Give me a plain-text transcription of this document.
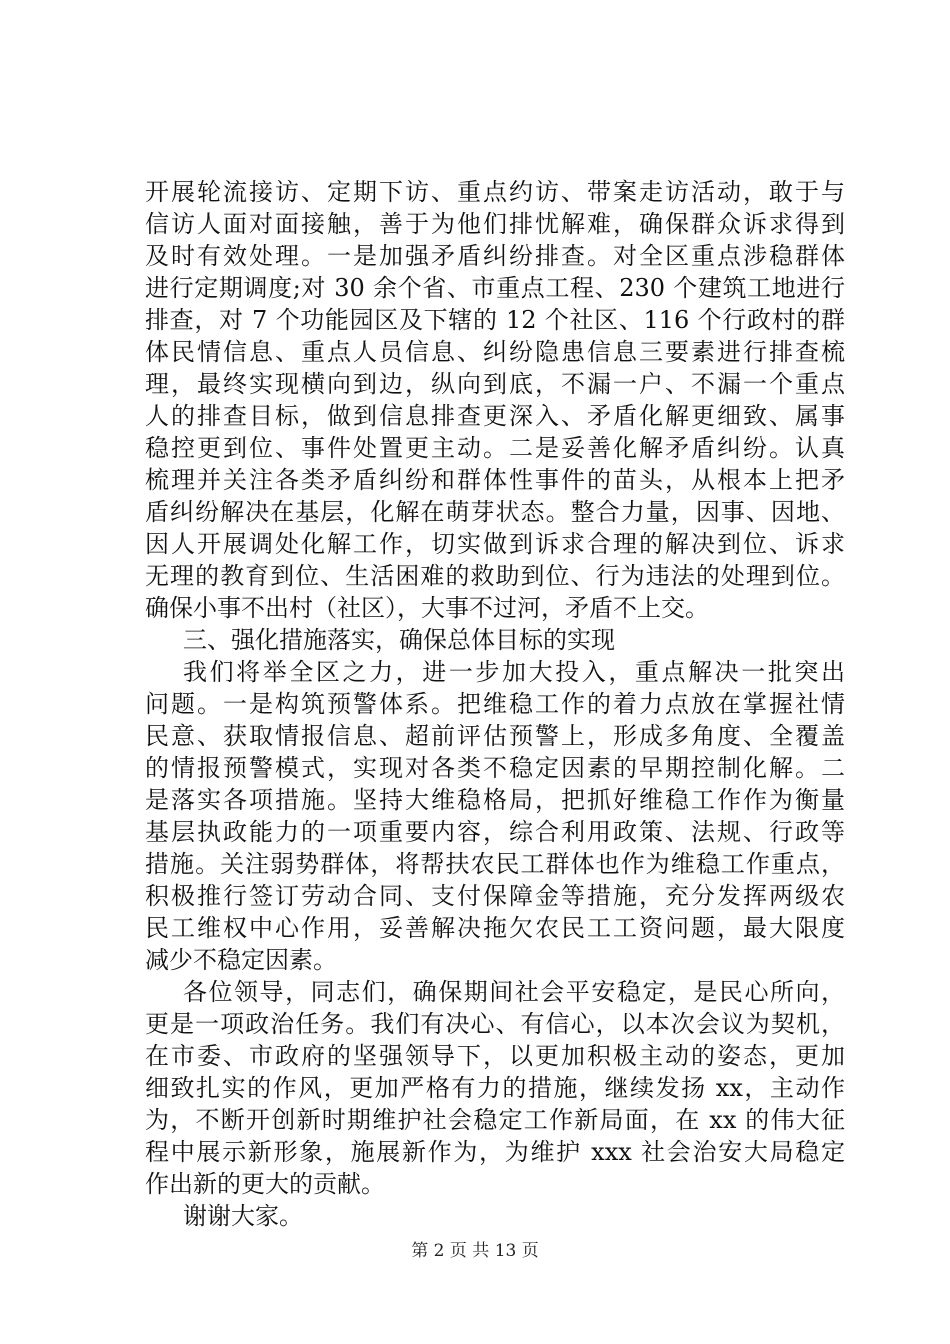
开展轮流接访、定期下访、重点约访、带案走访活动，敢于与
信访人面对面接触，善于为他们排忧解难，确保群众诉求得到
及时有效处理。一是加强矛盾纠纷排查。对全区重点涉稳群体
进行定期调度;对 30 余个省、市重点工程、230 个建筑工地进行
排查，对 7 个功能园区及下辖的 12 个社区、116 个行政村的群
体民情信息、重点人员信息、纠纷隐患信息三要素进行排查梳
理，最终实现横向到边，纵向到底，不漏一户、不漏一个重点
人的排查目标，做到信息排查更深入、矛盾化解更细致、属事
稳控更到位、事件处置更主动。二是妥善化解矛盾纠纷。认真
梳理并关注各类矛盾纠纷和群体性事件的苗头，从根本上把矛
盾纠纷解决在基层，化解在萌芽状态。整合力量，因事、因地、
因人开展调处化解工作，切实做到诉求合理的解决到位、诉求
无理的教育到位、生活困难的救助到位、行为违法的处理到位。
确保小事不出村（社区），大事不过河，矛盾不上交。
三、强化措施落实，确保总体目标的实现
我们将举全区之力，进一步加大投入，重点解决一批突出
问题。一是构筑预警体系。把维稳工作的着力点放在掌握社情
民意、获取情报信息、超前评估预警上，形成多角度、全覆盖
的情报预警模式，实现对各类不稳定因素的早期控制化解。二
是落实各项措施。坚持大维稳格局，把抓好维稳工作作为衡量
基层执政能力的一项重要内容，综合利用政策、法规、行政等
措施。关注弱势群体，将帮扶农民工群体也作为维稳工作重点，
积极推行签订劳动合同、支付保障金等措施，充分发挥两级农
民工维权中心作用，妥善解决拖欠农民工工资问题，最大限度
减少不稳定因素。
各位领导，同志们，确保期间社会平安稳定，是民心所向，
更是一项政治任务。我们有决心、有信心，以本次会议为契机，
在市委、市政府的坚强领导下，以更加积极主动的姿态，更加
细致扎实的作风，更加严格有力的措施，继续发扬 xx，主动作
为，不断开创新时期维护社会稳定工作新局面，在 xx 的伟大征
程中展示新形象，施展新作为，为维护 xxx 社会治安大局稳定
作出新的更大的贡献。
谢谢大家。
第 2 页 共 13 页
